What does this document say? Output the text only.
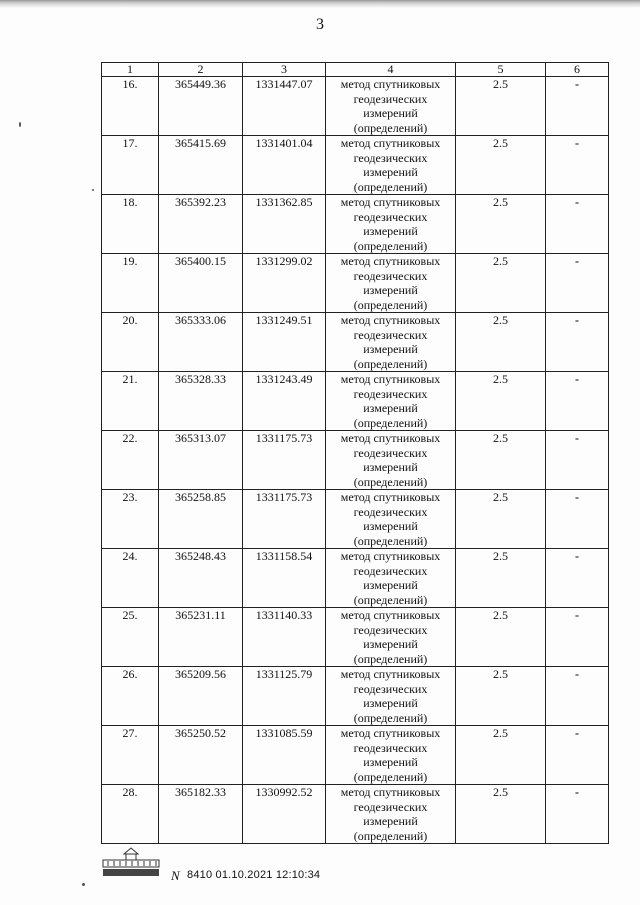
3
1	2	3	4	5	6
16.	365449.36	1331447.07	метод спутниковых
геодезических
измерений
(определений)	2.5	-
17.	365415.69	1331401.04	метод спутниковых
геодезических
измерений
(определений)	2.5	-
18.	365392.23	1331362.85	метод спутниковых
геодезических
измерений
(определений)	2.5	-
19.	365400.15	1331299.02	метод спутниковых
геодезических
измерений
(определений)	2.5	-
20.	365333.06	1331249.51	метод спутниковых
геодезических
измерений
(определений)	2.5	-
21.	365328.33	1331243.49	метод спутниковых
геодезических
измерений
(определений)	2.5	-
22.	365313.07	1331175.73	метод спутниковых
геодезических
измерений
(определений)	2.5	-
23.	365258.85	1331175.73	метод спутниковых
геодезических
измерений
(определений)	2.5	-
24.	365248.43	1331158.54	метод спутниковых
геодезических
измерений
(определений)	2.5	-
25.	365231.11	1331140.33	метод спутниковых
геодезических
измерений
(определений)	2.5	-
26.	365209.56	1331125.79	метод спутниковых
геодезических
измерений
(определений)	2.5	-
27.	365250.52	1331085.59	метод спутниковых
геодезических
измерений
(определений)	2.5	-
28.	365182.33	1330992.52	метод спутниковых
геодезических
измерений
(определений)	2.5	-
N 8410 01.10.2021 12:10:34
